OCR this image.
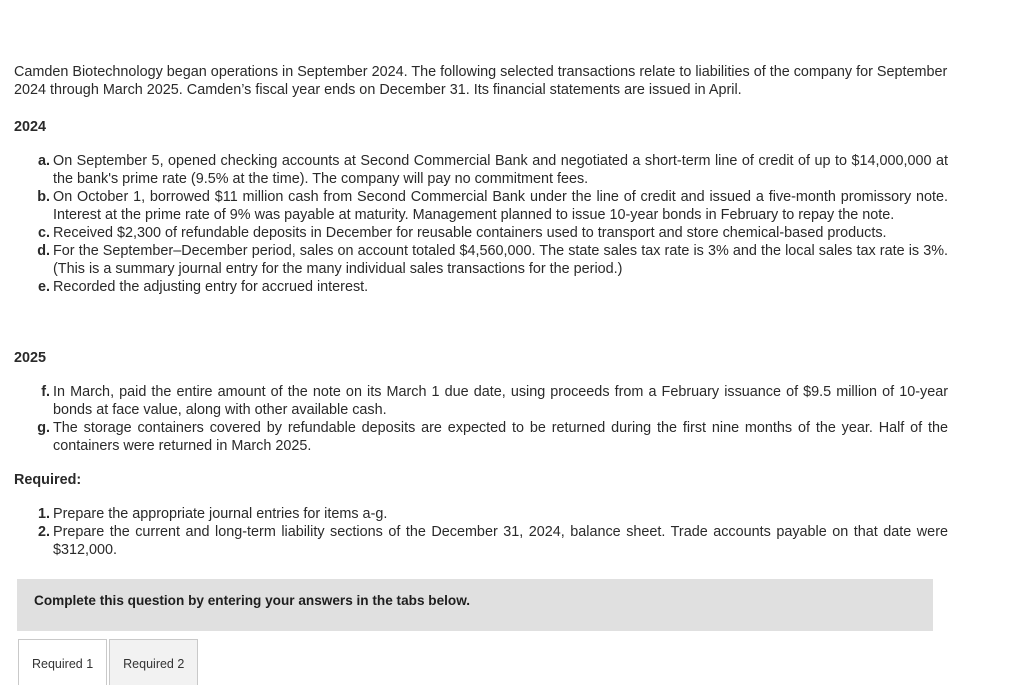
Camden Biotechnology began operations in September 2024. The following selected transactions relate to liabilities of the company for September 2024 through March 2025. Camden’s fiscal year ends on December 31. Its financial statements are issued in April.

2024

a. On September 5, opened checking accounts at Second Commercial Bank and negotiated a short-term line of credit of up to $14,000,000 at the bank's prime rate (9.5% at the time). The company will pay no commitment fees.
b. On October 1, borrowed $11 million cash from Second Commercial Bank under the line of credit and issued a five-month promissory note. Interest at the prime rate of 9% was payable at maturity. Management planned to issue 10-year bonds in February to repay the note.
c. Received $2,300 of refundable deposits in December for reusable containers used to transport and store chemical-based products.
d. For the September–December period, sales on account totaled $4,560,000. The state sales tax rate is 3% and the local sales tax rate is 3%. (This is a summary journal entry for the many individual sales transactions for the period.)
e. Recorded the adjusting entry for accrued interest.

2025

f. In March, paid the entire amount of the note on its March 1 due date, using proceeds from a February issuance of $9.5 million of 10-year bonds at face value, along with other available cash.
g. The storage containers covered by refundable deposits are expected to be returned during the first nine months of the year. Half of the containers were returned in March 2025.

Required:

1. Prepare the appropriate journal entries for items a-g.
2. Prepare the current and long-term liability sections of the December 31, 2024, balance sheet. Trade accounts payable on that date were $312,000.
Complete this question by entering your answers in the tabs below.
Required 1	Required 2
